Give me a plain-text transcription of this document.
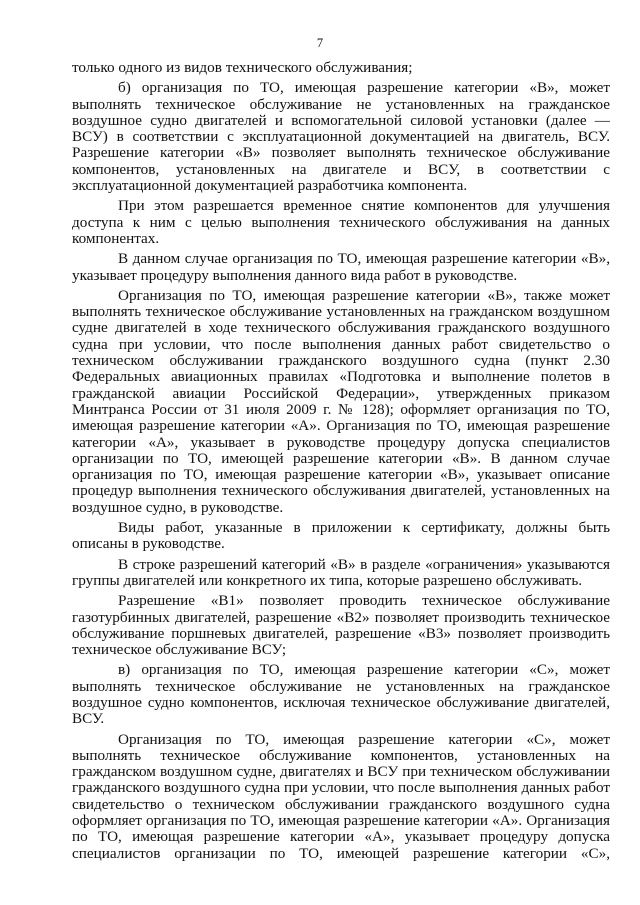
7

только одного из видов технического обслуживания;

б) организация по ТО, имеющая разрешение категории «В», может выполнять техническое обслуживание не установленных на гражданское воздушное судно двигателей и вспомогательной силовой установки (далее — ВСУ) в соответствии с эксплуатационной документацией на двигатель, ВСУ. Разрешение категории «В» позволяет выполнять техническое обслуживание компонентов, установленных на двигателе и ВСУ, в соответствии с эксплуатационной документацией разработчика компонента.

При этом разрешается временное снятие компонентов для улучшения доступа к ним с целью выполнения технического обслуживания на данных компонентах.

В данном случае организация по ТО, имеющая разрешение категории «В», указывает процедуру выполнения данного вида работ в руководстве.

Организация по ТО, имеющая разрешение категории «В», также может выполнять техническое обслуживание установленных на гражданском воздушном судне двигателей в ходе технического обслуживания гражданского воздушного судна при условии, что после выполнения данных работ свидетельство о техническом обслуживании гражданского воздушного судна (пункт 2.30 Федеральных авиационных правилах «Подготовка и выполнение полетов в гражданской авиации Российской Федерации», утвержденных приказом Минтранса России от 31 июля 2009 г. № 128); оформляет организация по ТО, имеющая разрешение категории «А». Организация по ТО, имеющая разрешение категории «А», указывает в руководстве процедуру допуска специалистов организации по ТО, имеющей разрешение категории «В». В данном случае организация по ТО, имеющая разрешение категории «В», указывает описание процедур выполнения технического обслуживания двигателей, установленных на воздушное судно, в руководстве.

Виды работ, указанные в приложении к сертификату, должны быть описаны в руководстве.

В строке разрешений категорий «В» в разделе «ограничения» указываются группы двигателей или конкретного их типа, которые разрешено обслуживать.

Разрешение «В1» позволяет проводить техническое обслуживание газотурбинных двигателей, разрешение «В2» позволяет производить техническое обслуживание поршневых двигателей, разрешение «В3» позволяет производить техническое обслуживание ВСУ;

в) организация по ТО, имеющая разрешение категории «С», может выполнять техническое обслуживание не установленных на гражданское воздушное судно компонентов, исключая техническое обслуживание двигателей, ВСУ.

Организация по ТО, имеющая разрешение категории «С», может выполнять техническое обслуживание компонентов, установленных на гражданском воздушном судне, двигателях и ВСУ при техническом обслуживании гражданского воздушного судна при условии, что после выполнения данных работ свидетельство о техническом обслуживании гражданского воздушного судна оформляет организация по ТО, имеющая разрешение категории «А». Организация по ТО, имеющая разрешение категории «А», указывает процедуру допуска специалистов организации по ТО, имеющей разрешение категории «С»,
